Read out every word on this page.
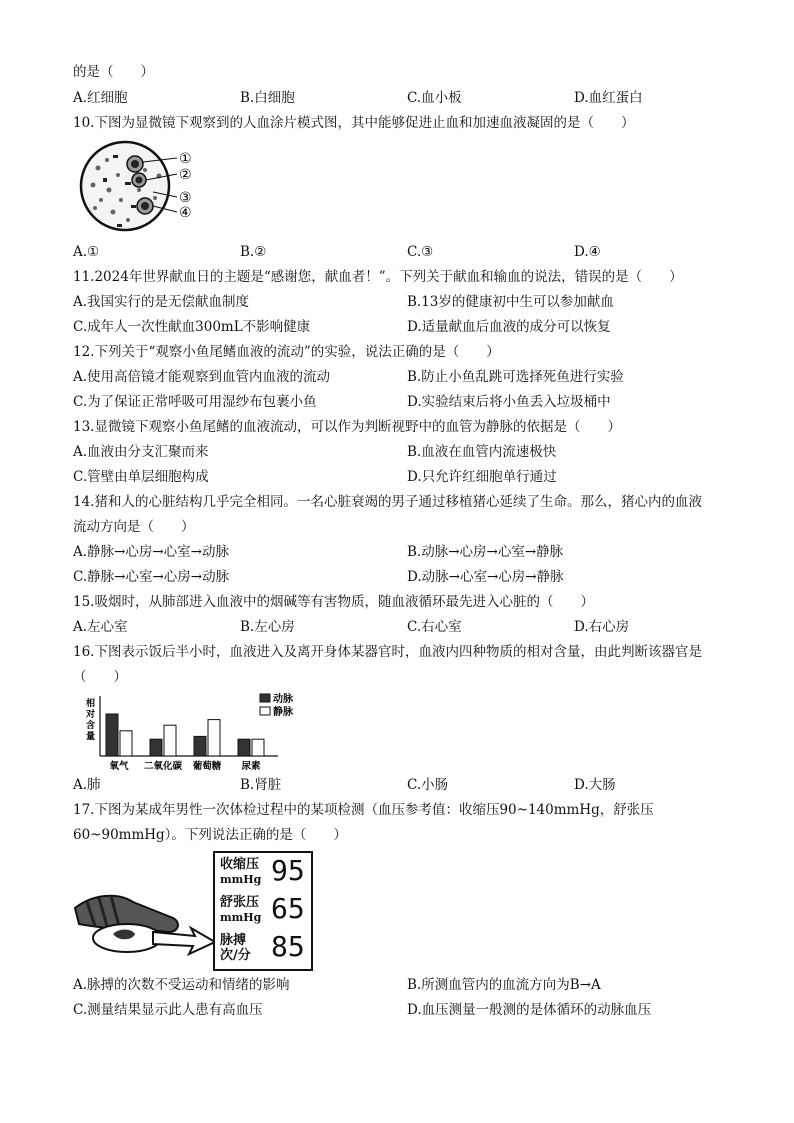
的是（　　）
A.红细胞	B.白细胞	C.血小板	D.血红蛋白
10.下图为显微镜下观察到的人血涂片模式图，其中能够促进止血和加速血液凝固的是（　　）
①
②
③
④
A.①	B.②	C.③	D.④
11.2024年世界献血日的主题是“感谢您，献血者！”。下列关于献血和输血的说法，错误的是（　　）
A.我国实行的是无偿献血制度	B.13岁的健康初中生可以参加献血
C.成年人一次性献血300mL不影响健康	D.适量献血后血液的成分可以恢复
12.下列关于“观察小鱼尾鳍血液的流动”的实验，说法正确的是（　　）
A.使用高倍镜才能观察到血管内血液的流动	B.防止小鱼乱跳可选择死鱼进行实验
C.为了保证正常呼吸可用湿纱布包裹小鱼	D.实验结束后将小鱼丢入垃圾桶中
13.显微镜下观察小鱼尾鳍的血液流动，可以作为判断视野中的血管为静脉的依据是（　　）
A.血液由分支汇聚而来	B.血液在血管内流速极快
C.管壁由单层细胞构成	D.只允许红细胞单行通过
14.猪和人的心脏结构几乎完全相同。一名心脏衰竭的男子通过移植猪心延续了生命。那么，猪心内的血液
流动方向是（　　）
A.静脉→心房→心室→动脉	B.动脉→心房→心室→静脉
C.静脉→心室→心房→动脉	D.动脉→心室→心房→静脉
15.吸烟时，从肺部进入血液中的烟碱等有害物质，随血液循环最先进入心脏的（　　）
A.左心室	B.左心房	C.右心室	D.右心房
16.下图表示饭后半小时，血液进入及离开身体某器官时，血液内四种物质的相对含量，由此判断该器官是
（　　）
相对含量
氧气 二氧化碳 葡萄糖 尿素
动脉
静脉
A.肺	B.肾脏	C.小肠	D.大肠
17.下图为某成年男性一次体检过程中的某项检测（血压参考值：收缩压90~140mmHg，舒张压
60~90mmHg）。下列说法正确的是（　　）
收缩压
mmHg 95
舒张压
mmHg 65
脉搏
次/分 85
A.脉搏的次数不受运动和情绪的影响	B.所测血管内的血流方向为B→A
C.测量结果显示此人患有高血压	D.血压测量一般测的是体循环的动脉血压
